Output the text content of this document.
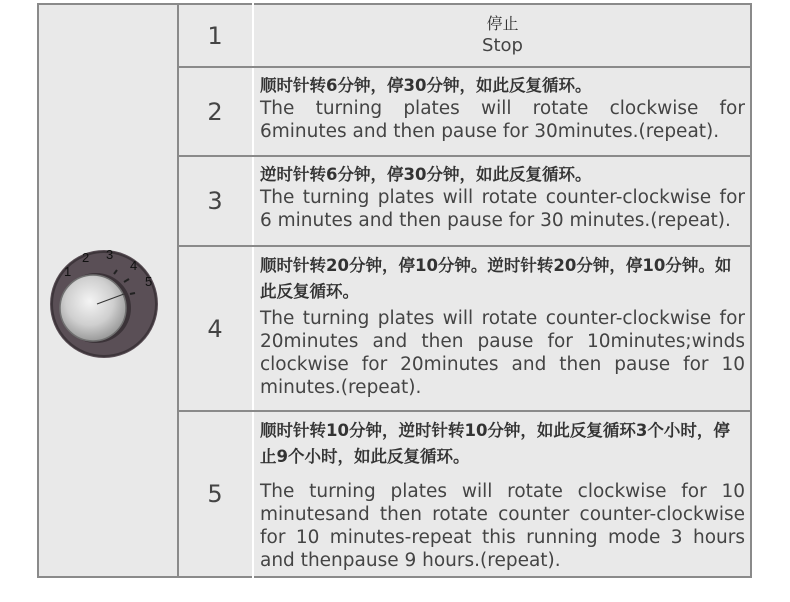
1
2 3
4
5
1	停止
Stop
2
顺时针转6分钟，停30分钟，如此反复循环。
The turning plates will rotate clockwise for 6minutes and then pause for 30minutes.(repeat).
3
逆时针转6分钟，停30分钟，如此反复循环。
The turning plates will rotate counter-clockwise for 6 minutes and then pause for 30 minutes.(repeat).
4
顺时针转20分钟，停10分钟。逆时针转20分钟，停10分钟。如此反复循环。
The turning plates will rotate counter-clockwise for 20minutes and then pause for 10minutes;winds clockwise for 20minutes and then pause for 10 minutes.(repeat).
5
顺时针转10分钟，逆时针转10分钟，如此反复循环3个小时，停止9个小时，如此反复循环。
The turning plates will rotate clockwise for 10 minutesand then rotate counter counter-clockwise for 10 minutes-repeat this running mode 3 hours and thenpause 9 hours.(repeat).
